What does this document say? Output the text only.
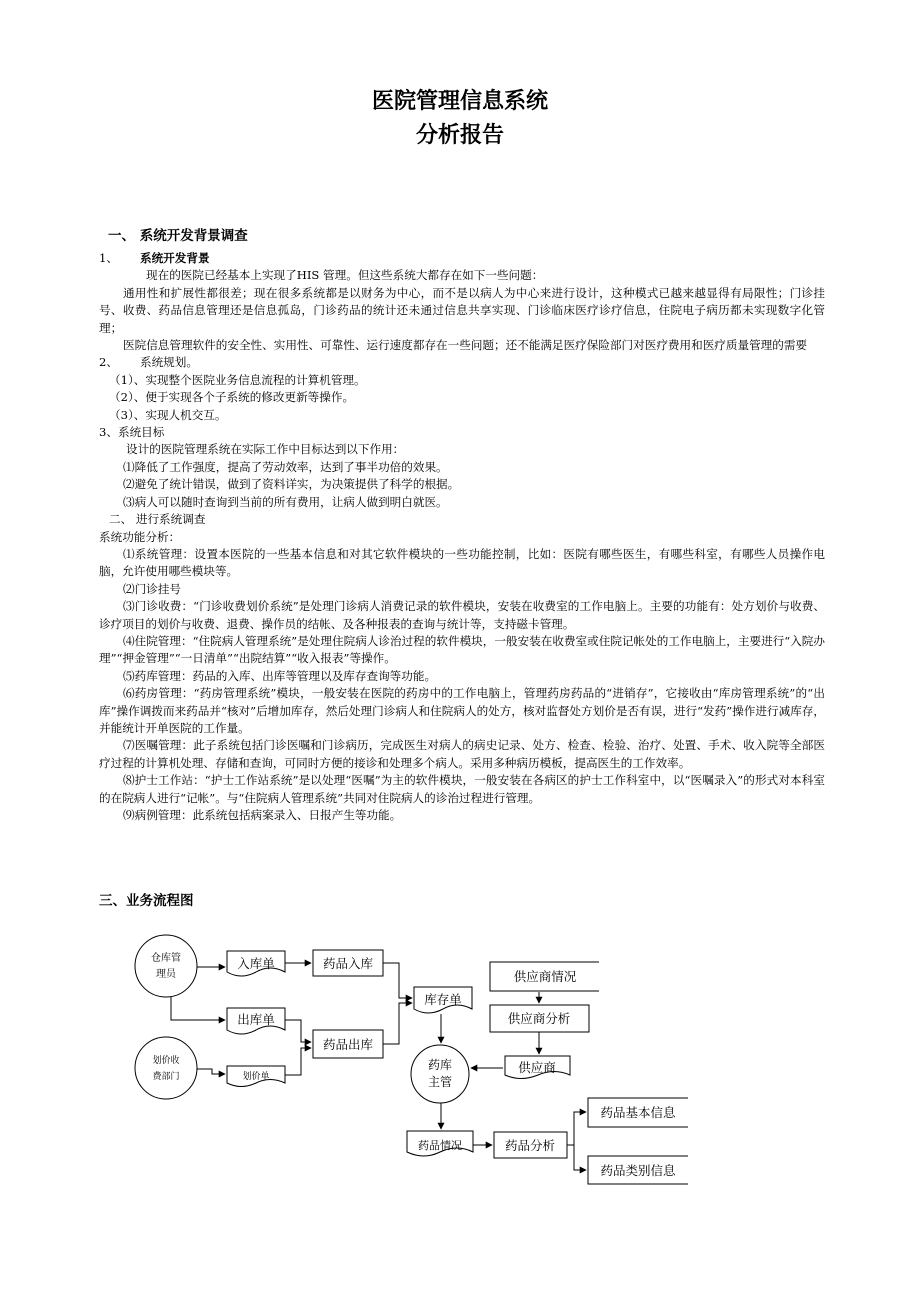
医院管理信息系统
分析报告
一、 系统开发背景调查

1、 系统开发背景

现在的医院已经基本上实现了HIS 管理。但这些系统大都存在如下一些问题：

通用性和扩展性都很差；现在很多系统都是以财务为中心，而不是以病人为中心来进行设计，这种模式已越来越显得有局限性；门诊挂号、收费、药品信息管理还是信息孤岛，门诊药品的统计还未通过信息共享实现、门诊临床医疗诊疗信息，住院电子病历都未实现数字化管理；

医院信息管理软件的安全性、实用性、可靠性、运行速度都存在一些问题；还不能满足医疗保险部门对医疗费用和医疗质量管理的需要

2、 系统规划。

（1）、实现整个医院业务信息流程的计算机管理。

（2）、便于实现各个子系统的修改更新等操作。

（3）、实现人机交互。

3、系统目标

设计的医院管理系统在实际工作中目标达到以下作用：

⑴降低了工作强度，提高了劳动效率，达到了事半功倍的效果。

⑵避免了统计错误，做到了资料详实，为决策提供了科学的根据。

⑶病人可以随时查询到当前的所有费用，让病人做到明白就医。

二、 进行系统调查

系统功能分析：

⑴系统管理：设置本医院的一些基本信息和对其它软件模块的一些功能控制，比如：医院有哪些医生，有哪些科室，有哪些人员操作电脑，允许使用哪些模块等。

⑵门诊挂号

⑶门诊收费：“门诊收费划价系统”是处理门诊病人消费记录的软件模块，安装在收费室的工作电脑上。主要的功能有：处方划价与收费、诊疗项目的划价与收费、退费、操作员的结帐、及各种报表的查询与统计等，支持磁卡管理。

⑷住院管理：“住院病人管理系统”是处理住院病人诊治过程的软件模块，一般安装在收费室或住院记帐处的工作电脑上，主要进行“入院办理”“押金管理”“一日清单”“出院结算”“收入报表”等操作。

⑸药库管理：药品的入库、出库等管理以及库存查询等功能。

⑹药房管理：“药房管理系统”模块，一般安装在医院的药房中的工作电脑上，管理药房药品的“进销存”，它接收由“库房管理系统”的“出库”操作调拨而来药品并“核对”后增加库存，然后处理门诊病人和住院病人的处方，核对监督处方划价是否有误，进行“发药”操作进行减库存，并能统计开单医院的工作量。

⑺医嘱管理：此子系统包括门诊医嘱和门诊病历，完成医生对病人的病史记录、处方、检查、检验、治疗、处置、手术、收入院等全部医疗过程的计算机处理、存储和查询，可同时方便的接诊和处理多个病人。采用多种病历模板，提高医生的工作效率。

⑻护士工作站：“护士工作站系统”是以处理“医嘱”为主的软件模块，一般安装在各病区的护士工作科室中，以“医嘱录入”的形式对本科室的在院病人进行“记帐”。与“住院病人管理系统”共同对住院病人的诊治过程进行管理。

⑼病例管理：此系统包括病案录入、日报产生等功能。

三、业务流程图
仓库管
理员
划价收
费部门
入库单	药品入库
出库单
药品出库
划价单
库存单
药库
主管
供应商情况
供应商分析
供应商
药品情况	药品分析
药品基本信息
药品类别信息
